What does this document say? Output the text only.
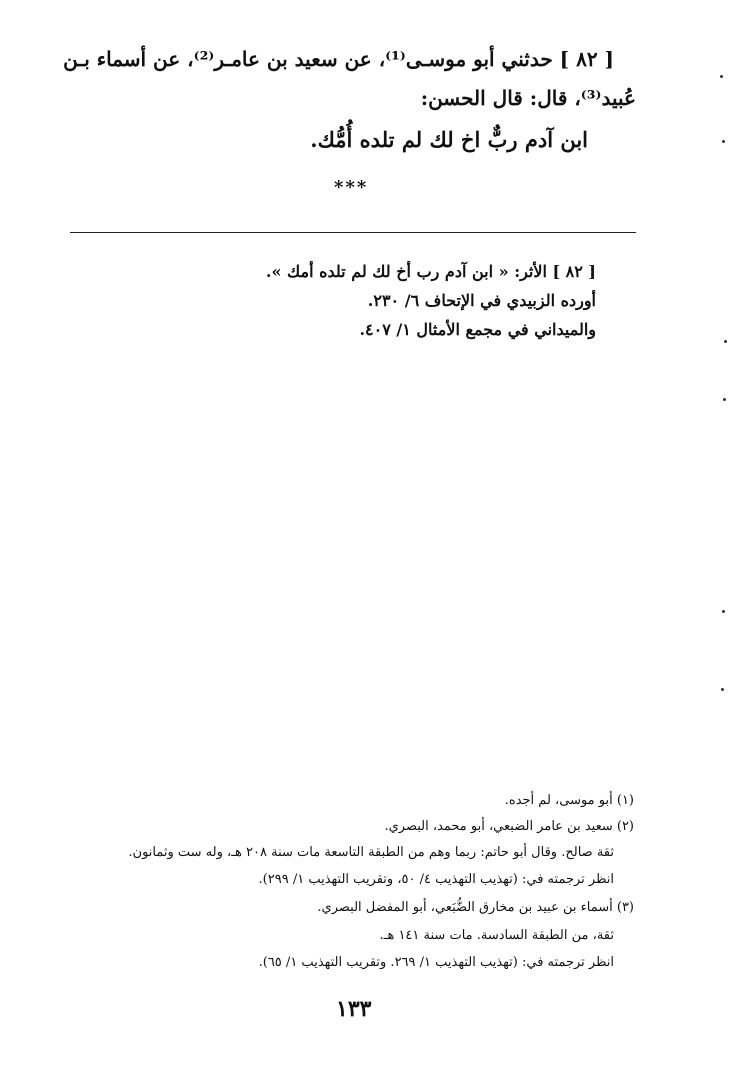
[ ٨٢ ] حدثني أبو موسـى⁽¹⁾، عن سعيد بن عامـر⁽²⁾، عن أسماء بـن
عُبيد⁽³⁾، قال: قال الحسن:
ابن آدم ربٌّ اخ لك لم تلده أُمُّك.
***
[ ٨٢ ] الأثر: « ابن آدم رب أخ لك لم تلده أمك ».
أورده الزبيدي في الإتحاف ٦/ ٢٣٠.
والميداني في مجمع الأمثال ١/ ٤٠٧.
(١) أبو موسى، لم أجده.
(٢) سعيد بن عامر الضبعي، أبو محمد، البصري.
ثقة صالح. وقال أبو حاتم: ربما وهم من الطبقة التاسعة مات سنة ٢٠٨ هـ، وله ست وثمانون.
انظر ترجمته في: (تهذيب التهذيب ٤/ ٥٠، وتقريب التهذيب ١/ ٢٩٩).
(٣) أسماء بن عبيد بن مخارق الضُّبَعي، أبو المفضل البصري.
ثقة، من الطبقة السادسة. مات سنة ١٤١ هـ.
انظر ترجمته في: (تهذيب التهذيب ١/ ٢٦٩. وتقريب التهذيب ١/ ٦٥).
١٣٣
